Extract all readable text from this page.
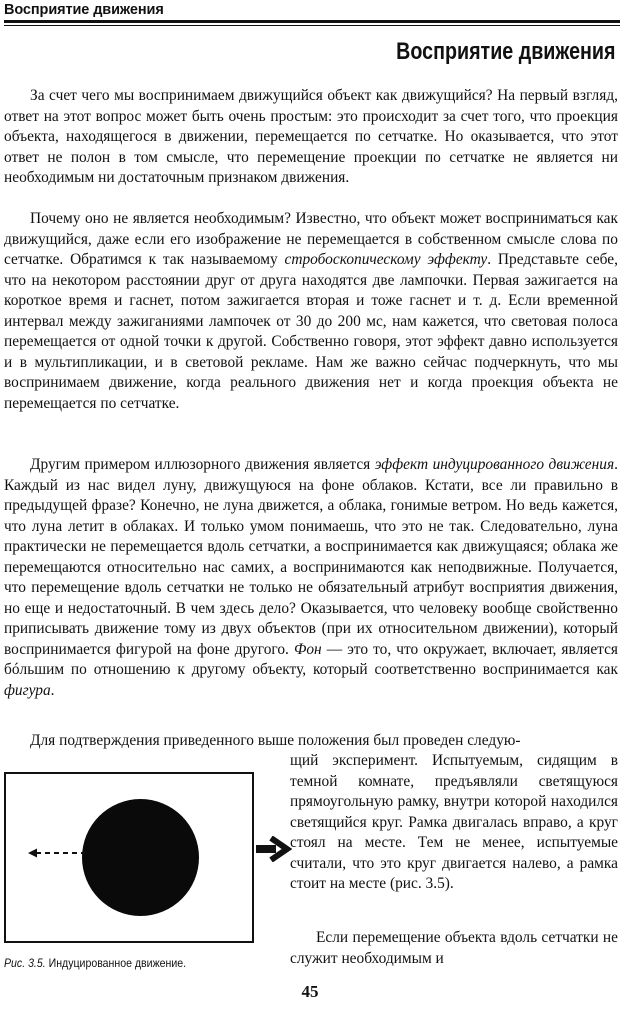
Восприятие движения
Восприятие движения

За счет чего мы воспринимаем движущийся объект как движущийся? На первый взгляд, ответ на этот вопрос может быть очень простым: это происходит за счет того, что проекция объекта, находящегося в движении, перемещается по сетчатке. Но оказывается, что этот ответ не полон в том смысле, что перемещение проекции по сетчатке не является ни необходимым ни достаточным признаком движения.

Почему оно не является необходимым? Известно, что объект может восприниматься как движущийся, даже если его изображение не перемещается в собственном смысле слова по сетчатке. Обратимся к так называемому стробоскопическому эффекту. Представьте себе, что на некотором расстоянии друг от друга находятся две лампочки. Первая зажигается на короткое время и гаснет, потом зажигается вторая и тоже гаснет и т. д. Если временной интервал между зажиганиями лампочек от 30 до 200 мс, нам кажется, что световая полоса перемещается от одной точки к другой. Собственно говоря, этот эффект давно используется и в мультипликации, и в световой рекламе. Нам же важно сейчас подчеркнуть, что мы воспринимаем движение, когда реального движения нет и когда проекция объекта не перемещается по сетчатке.

Другим примером иллюзорного движения является эффект индуцированного движения. Каждый из нас видел луну, движущуюся на фоне облаков. Кстати, все ли правильно в предыдущей фразе? Конечно, не луна движется, а облака, гонимые ветром. Но ведь кажется, что луна летит в облаках. И только умом понимаешь, что это не так. Следовательно, луна практически не перемещается вдоль сетчатки, а воспринимается как движущаяся; облака же перемещаются относительно нас самих, а воспринимаются как неподвижные. Получается, что перемещение вдоль сетчатки не только не обязательный атрибут восприятия движения, но еще и недостаточный. В чем здесь дело? Оказывается, что человеку вообще свойственно приписывать движение тому из двух объектов (при их относительном движении), который воспринимается фигурой на фоне другого. Фон — это то, что окружает, включает, является бóльшим по отношению к другому объекту, который соответственно воспринимается как фигура.

Для подтверждения приведенного выше положения был проведен следую-

щий эксперимент. Испытуемым, сидящим в темной комнате, предъявляли светящуюся прямоугольную рамку, внутри которой находился светящийся круг. Рамка двигалась вправо, а круг стоял на месте. Тем не менее, испытуемые считали, что это круг двигается налево, а рамка стоит на месте (рис. 3.5).

Рис. 3.5. Индуцированное движение.

Если перемещение объекта вдоль сетчатки не служит необходимым и

45
